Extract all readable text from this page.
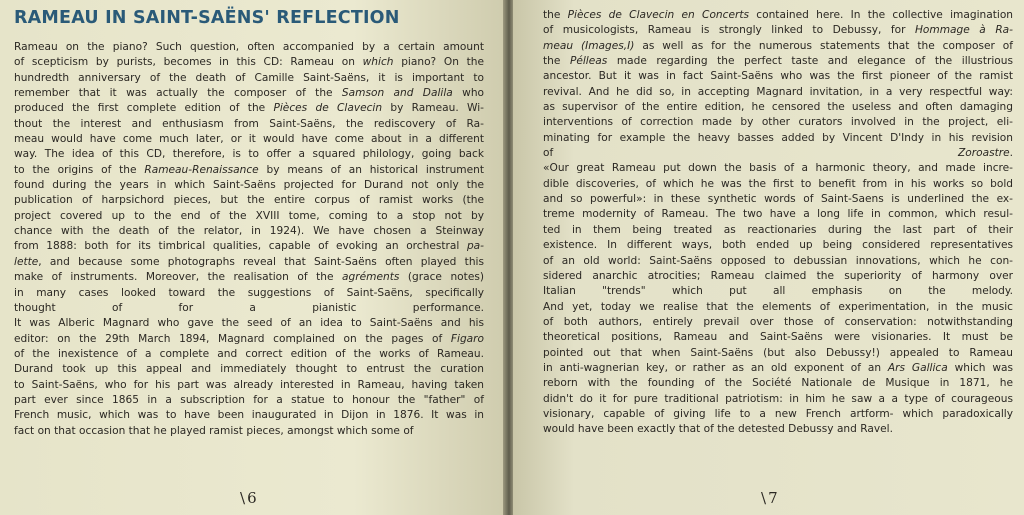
RAMEAU IN SAINT-SAËNS' REFLECTION
Rameau on the piano? Such question, often accompanied by a certain amount
of scepticism by purists, becomes in this CD: Rameau on which piano? On the
hundredth anniversary of the death of Camille Saint-Saëns, it is important to
remember that it was actually the composer of the Samson and Dalila who
produced the first complete edition of the Pièces de Clavecin by Rameau. Wi-
thout the interest and enthusiasm from Saint-Saëns, the rediscovery of Ra-
meau would have come much later, or it would have come about in a different
way. The idea of this CD, therefore, is to offer a squared philology, going back
to the origins of the Rameau-Renaissance by means of an historical instrument
found during the years in which Saint-Saëns projected for Durand not only the
publication of harpsichord pieces, but the entire corpus of ramist works (the
project covered up to the end of the XVIII tome, coming to a stop not by
chance with the death of the relator, in 1924). We have chosen a Steinway
from 1888: both for its timbrical qualities, capable of evoking an orchestral pa-
lette, and because some photographs reveal that Saint-Saëns often played this
make of instruments. Moreover, the realisation of the agréments (grace notes)
in many cases looked toward the suggestions of Saint-Saëns, specifically
thought of for a pianistic performance.
It was Alberic Magnard who gave the seed of an idea to Saint-Saëns and his
editor: on the 29th March 1894, Magnard complained on the pages of Figaro
of the inexistence of a complete and correct edition of the works of Rameau.
Durand took up this appeal and immediately thought to entrust the curation
to Saint-Saëns, who for his part was already interested in Rameau, having taken
part ever since 1865 in a subscription for a statue to honour the "father" of
French music, which was to have been inaugurated in Dijon in 1876. It was in
fact on that occasion that he played ramist pieces, amongst which some of
\ 6
the Pièces de Clavecin en Concerts contained here. In the collective imagination
of musicologists, Rameau is strongly linked to Debussy, for Hommage à Ra-
meau (Images,I) as well as for the numerous statements that the composer of
the Pélleas made regarding the perfect taste and elegance of the illustrious
ancestor. But it was in fact Saint-Saëns who was the first pioneer of the ramist
revival. And he did so, in accepting Magnard invitation, in a very respectful way:
as supervisor of the entire edition, he censored the useless and often damaging
interventions of correction made by other curators involved in the project, eli-
minating for example the heavy basses added by Vincent D'Indy in his revision
of Zoroastre.
«Our great Rameau put down the basis of a harmonic theory, and made incre-
dible discoveries, of which he was the first to benefit from in his works so bold
and so powerful»: in these synthetic words of Saint-Saens is underlined the ex-
treme modernity of Rameau. The two have a long life in common, which resul-
ted in them being treated as reactionaries during the last part of their
existence. In different ways, both ended up being considered representatives
of an old world: Saint-Saëns opposed to debussian innovations, which he con-
sidered anarchic atrocities; Rameau claimed the superiority of harmony over
Italian "trends" which put all emphasis on the melody.
And yet, today we realise that the elements of experimentation, in the music
of both authors, entirely prevail over those of conservation: notwithstanding
theoretical positions, Rameau and Saint-Saëns were visionaries. It must be
pointed out that when Saint-Saëns (but also Debussy!) appealed to Rameau
in anti-wagnerian key, or rather as an old exponent of an Ars Gallica which was
reborn with the founding of the Société Nationale de Musique in 1871, he
didn't do it for pure traditional patriotism: in him he saw a a type of courageous
visionary, capable of giving life to a new French artform- which paradoxically
would have been exactly that of the detested Debussy and Ravel.
\ 7
